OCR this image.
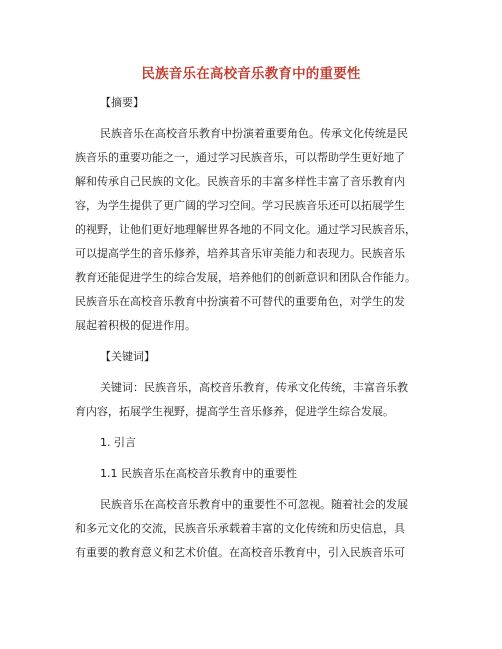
民族音乐在高校音乐教育中的重要性

【摘要】

民族音乐在高校音乐教育中扮演着重要角色。传承文化传统是民

族音乐的重要功能之一，通过学习民族音乐，可以帮助学生更好地了

解和传承自己民族的文化。民族音乐的丰富多样性丰富了音乐教育内

容，为学生提供了更广阔的学习空间。学习民族音乐还可以拓展学生

的视野，让他们更好地理解世界各地的不同文化。通过学习民族音乐，

可以提高学生的音乐修养，培养其音乐审美能力和表现力。民族音乐

教育还能促进学生的综合发展，培养他们的创新意识和团队合作能力。

民族音乐在高校音乐教育中扮演着不可替代的重要角色，对学生的发

展起着积极的促进作用。

【关键词】

关键词：民族音乐，高校音乐教育，传承文化传统，丰富音乐教

育内容，拓展学生视野，提高学生音乐修养，促进学生综合发展。

1. 引言

1.1 民族音乐在高校音乐教育中的重要性

民族音乐在高校音乐教育中的重要性不可忽视。随着社会的发展

和多元文化的交流，民族音乐承载着丰富的文化传统和历史信息，具

有重要的教育意义和艺术价值。在高校音乐教育中，引入民族音乐可
